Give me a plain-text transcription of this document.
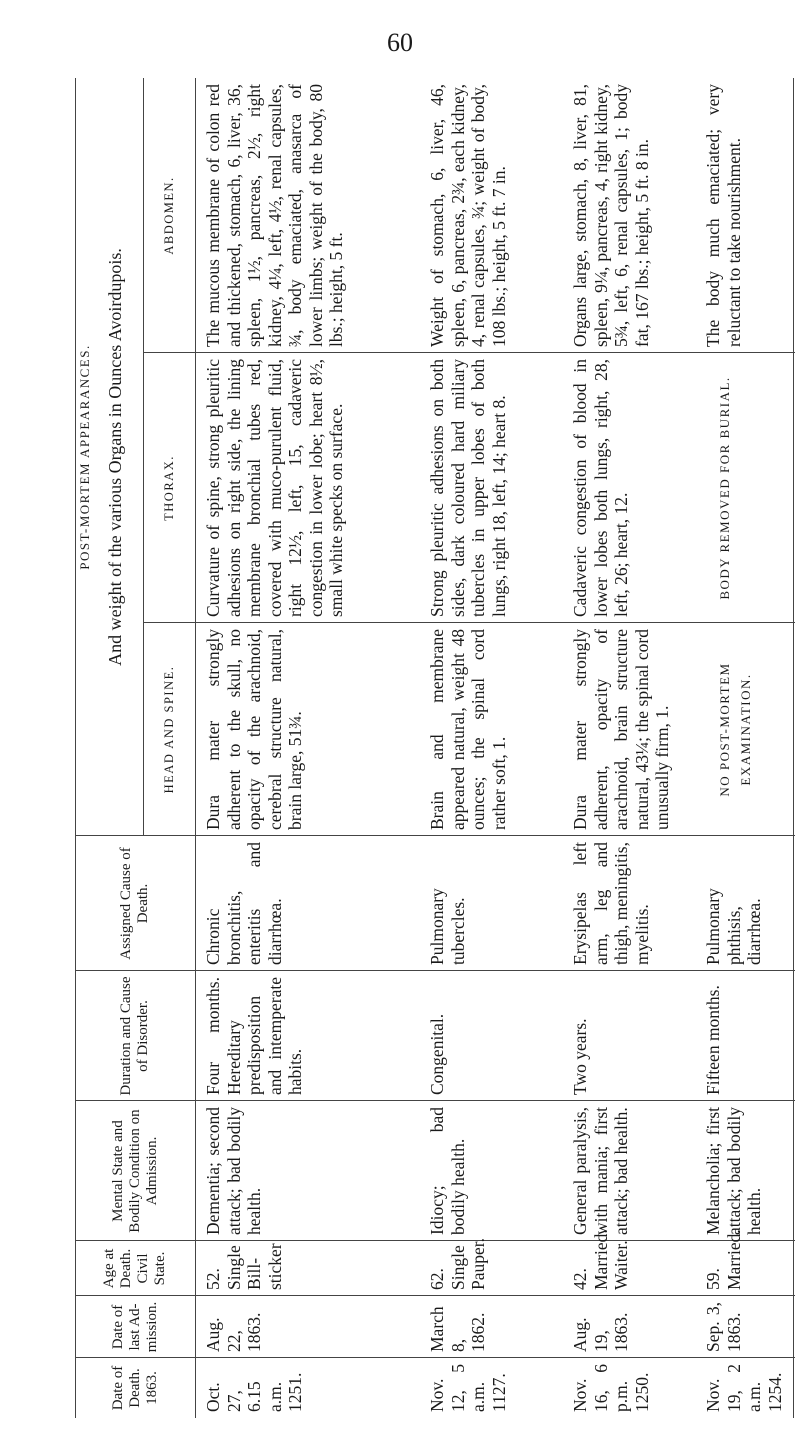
60
Date of Death. 1863.
Date of last Ad-mission.
Age at Death. Civil State.
Mental State and Bodily Condition on Admission.
Duration and Cause of Disorder.
Assigned Cause of Death.
POST-MORTEM APPEARANCES. And weight of the various Organs in Ounces Avoirdupois.
HEAD AND SPINE.
THORAX.
ABDOMEN.
Oct. 27, 6.15 a.m. 1251.
Aug. 22, 1863.
52. Single Bill-sticker
Dementia; second attack; bad bodily health.
Four months. Hereditary predisposition and intemperate habits.
Chronic bronchitis, enteritis and diarrhœa.
Dura mater strongly adherent to the skull, no opacity of the arachnoid, cerebral structure natural, brain large, 51¾.
Curvature of spine, strong pleuritic adhesions on right side, the lining membrane bronchial tubes red, covered with muco-purulent fluid, right 12½, left, 15, cadaveric congestion in lower lobe; heart 8½, small white specks on surface.
The mucous membrane of colon red and thickened, stomach, 6, liver, 36, spleen, 1½, pancreas, 2½, right kidney, 4¼, left, 4½, renal capsules, ¾, body emaciated, anasarca of lower limbs; weight of the body, 80 lbs.; height, 5 ft.
Nov. 12, 5 a.m. 1127.
March 8, 1862.
62. Single Pauper.
Idiocy; bad bodily health.
Congenital.
Pulmonary tubercles.
Brain and membrane appeared natural, weight 48 ounces; the spinal cord rather soft, 1.
Strong pleuritic adhesions on both sides, dark coloured hard miliary tubercles in upper lobes of both lungs, right 18, left, 14; heart 8.
Weight of stomach, 6, liver, 46, spleen, 6, pancreas, 2¾, each kidney, 4, renal capsules, ¾; weight of body, 108 lbs.; height, 5 ft. 7 in.
Nov. 16, 6 p.m. 1250.
Aug. 19, 1863.
42. Married. Waiter.
General paralysis, with mania; first attack; bad health.
Two years.
Erysipelas left arm, leg and thigh, meningitis, myelitis.
Dura mater strongly adherent, opacity of arachnoid, brain structure natural, 43¼; the spinal cord unusually firm, 1.
Cadaveric congestion of blood in lower lobes both lungs, right, 28, left, 26; heart, 12.
Organs large, stomach, 8, liver, 81, spleen, 9¼, pancreas, 4, right kidney, 5¾, left, 6, renal capsules, 1; body fat, 167 lbs.; height, 5 ft. 8 in.
Nov. 19, 2 a.m. 1254.
Sep. 3, 1863.
59. Married.
Melancholia; first attack; bad bodily health.
Fifteen months.
Pulmonary phthisis, diarrhœa.
NO POST-MORTEM EXAMINATION.
BODY REMOVED FOR BURIAL.
The body much emaciated; very reluctant to take nourishment.
